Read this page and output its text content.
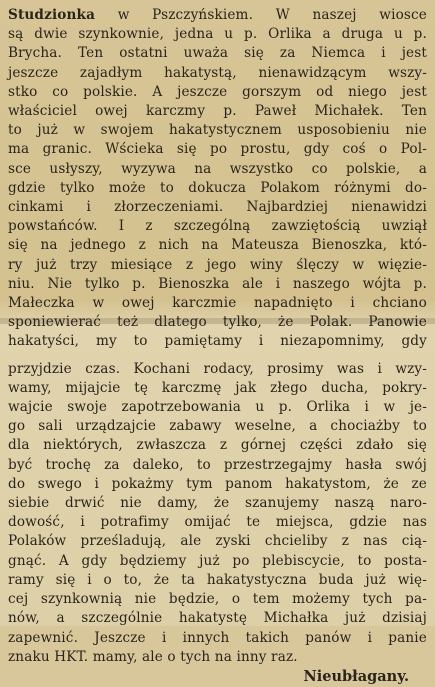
Studzionka w Pszczyńskiem. W naszej wiosce
są dwie szynkownie, jedna u p. Orlika a druga u p.
Brycha. Ten ostatni uważa się za Niemca i jest
jeszcze zajadłym hakatystą, nienawidzącym wszy-
stko co polskie. A jeszcze gorszym od niego jest
właściciel owej karczmy p. Paweł Michałek. Ten
to już w swojem hakatystycznem usposobieniu nie
ma granic. Wścieka się po prostu, gdy coś o Pol-
sce usłyszy, wyzywa na wszystko co polskie, a
gdzie tylko może to dokucza Polakom różnymi do-
cinkami i złorzeczeniami. Najbardziej nienawidzi
powstańców. I z szczególną zawziętością uwziął
się na jednego z nich na Mateusza Bienoszka, któ-
ry już trzy miesiące z jego winy ślęczy w więzie-
niu. Nie tylko p. Bienoszka ale i naszego wójta p.
Małeczka w owej karczmie napadnięto i chciano
sponiewierać też dlatego tylko, że Polak. Panowie
hakatyści, my to pamiętamy i niezapomnimy, gdy
przyjdzie czas. Kochani rodacy, prosimy was i wzy-
wamy, mijajcie tę karczmę jak złego ducha, pokry-
wajcie swoje zapotrzebowania u p. Orlika i w je-
go sali urządzajcie zabawy weselne, a chociażby to
dla niektórych, zwłaszcza z górnej części zdało się
być trochę za daleko, to przestrzegajmy hasła swój
do swego i pokażmy tym panom hakatystom, że ze
siebie drwić nie damy, że szanujemy naszą naro-
dowość, i potrafimy omijać te miejsca, gdzie nas
Polaków prześladują, ale zyski chcieliby z nas cią-
gnąć. A gdy będziemy już po plebiscycie, to posta-
ramy się i o to, że ta hakatystyczna buda już wię-
cej szynkownią nie będzie, o tem możemy tych pa-
nów, a szczególnie hakatystę Michałka już dzisiaj
zapewnić. Jeszcze i innych takich panów i panie
znaku HKT. mamy, ale o tych na inny raz.
Nieubłagany.
